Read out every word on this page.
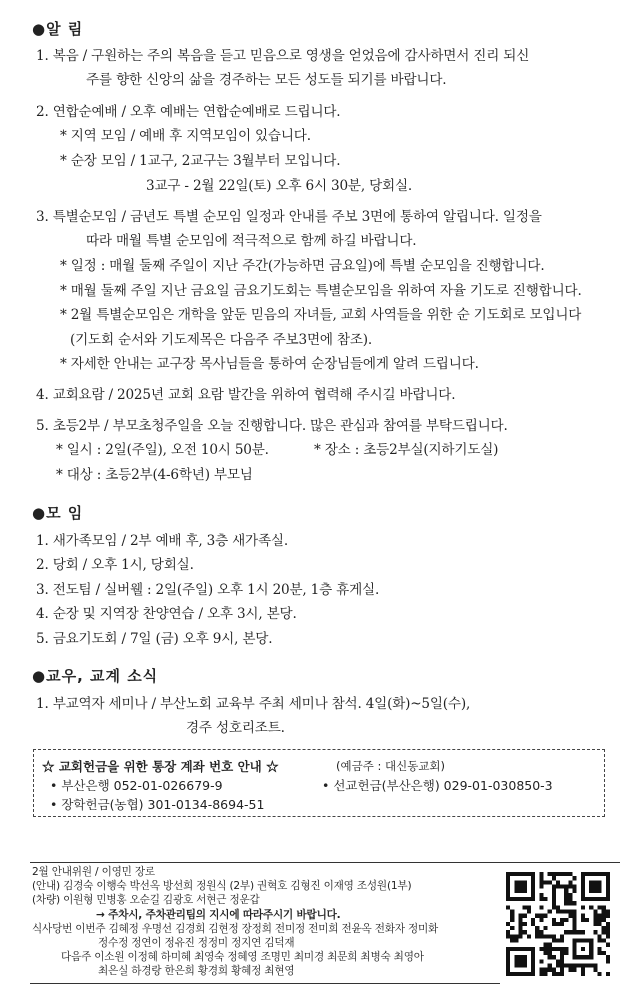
●알 림
1. 복음 / 구원하는 주의 복음을 듣고 믿음으로 영생을 얻었음에 감사하면서 진리 되신
주를 향한 신앙의 삶을 경주하는 모든 성도들 되기를 바랍니다.
2. 연합순예배 / 오후 예배는 연합순예배로 드립니다.
* 지역 모임 / 예배 후 지역모임이 있습니다.
* 순장 모임 / 1교구, 2교구는 3월부터 모입니다.
3교구 - 2월 22일(토) 오후 6시 30분, 당회실.
3. 특별순모임 / 금년도 특별 순모임 일정과 안내를 주보 3면에 통하여 알립니다. 일정을
따라 매월 특별 순모임에 적극적으로 함께 하길 바랍니다.
* 일정 : 매월 둘째 주일이 지난 주간(가능하면 금요일)에 특별 순모임을 진행합니다.
* 매월 둘째 주일 지난 금요일 금요기도회는 특별순모임을 위하여 자율 기도로 진행합니다.
* 2월 특별순모임은 개학을 앞둔 믿음의 자녀들, 교회 사역들을 위한 순 기도회로 모입니다
(기도회 순서와 기도제목은 다음주 주보3면에 참조).
* 자세한 안내는 교구장 목사님들을 통하여 순장님들에게 알려 드립니다.
4. 교회요람 / 2025년 교회 요람 발간을 위하여 협력해 주시길 바랍니다.
5. 초등2부 / 부모초청주일을 오늘 진행합니다. 많은 관심과 참여를 부탁드립니다.
* 일시 : 2일(주일), 오전 10시 50분.	* 장소 : 초등2부실(지하기도실)
* 대상 : 초등2부(4-6학년) 부모님
●모 임
1. 새가족모임 / 2부 예배 후, 3층 새가족실.
2. 당회 / 오후 1시, 당회실.
3. 전도팀 / 실버웰 : 2일(주일) 오후 1시 20분, 1층 휴게실.
4. 순장 및 지역장 찬양연습 / 오후 3시, 본당.
5. 금요기도회 / 7일 (금) 오후 9시, 본당.
●교우, 교계 소식
1. 부교역자 세미나 / 부산노회 교육부 주최 세미나 참석. 4일(화)~5일(수),
경주 성호리조트.
☆ 교회헌금을 위한 통장 계좌 번호 안내 ☆	(예금주 : 대신동교회)
• 부산은행 052-01-026679-9	• 선교헌금(부산은행) 029-01-030850-3
• 장학헌금(농협) 301-0134-8694-51
2월 안내위원 / 이영민 장로
(안내) 김경숙 이행숙 박선옥 방선희 정원식 (2부) 권혁호 김형진 이재영 조성원(1부)
(차량) 이원형 민병홍 오순길 김광호 서현근 정운갑
→ 주차시, 주차관리팀의 지시에 따라주시기 바랍니다.
식사당번 이번주 김혜정 우명선 김경희 김현정 장정희 전미정 전미희 전윤옥 전화자 정미화
정수정 정연이 정유진 정정미 정지연 김덕재
다음주 이소원 이정혜 하미혜 최영숙 정혜영 조명민 최미경 최문희 최병숙 최영아
최은실 하경랑 한은희 황경희 황혜정 최현영
